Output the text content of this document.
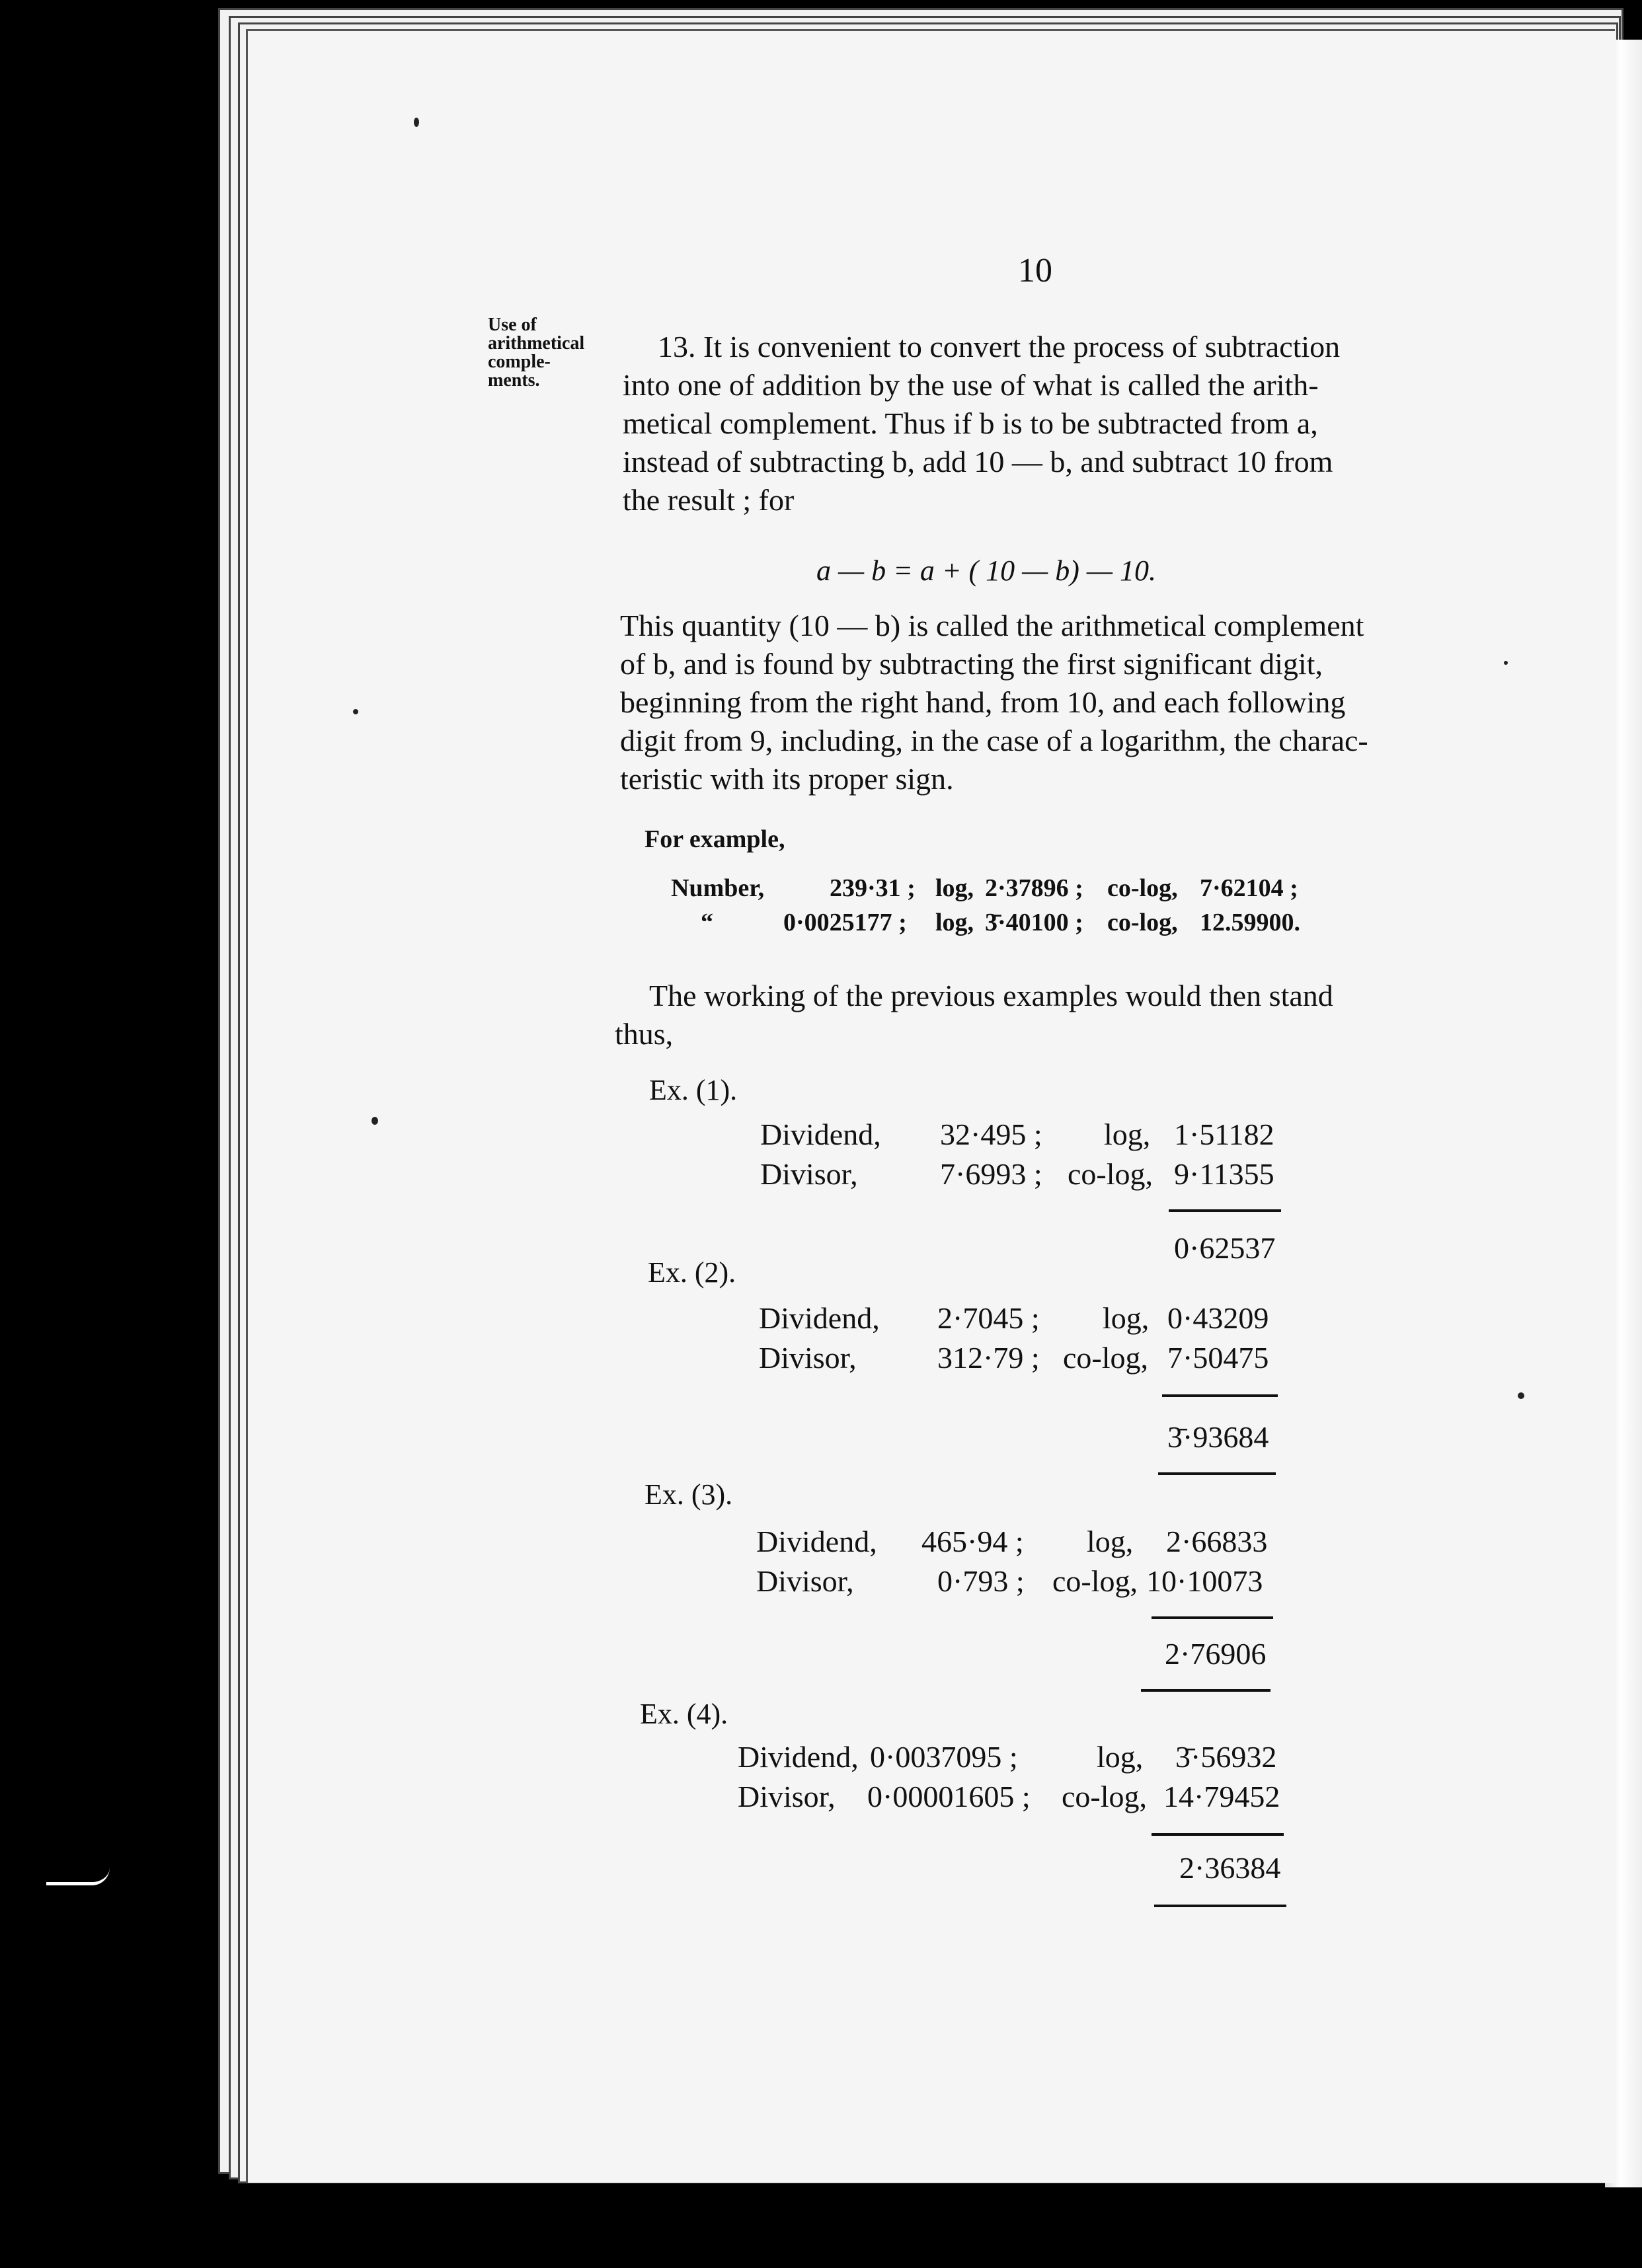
10
Use of
arithmetical
comple-
ments.
13. It is convenient to convert the process of subtraction
into one of addition by the use of what is called the arith-
metical complement. Thus if b is to be subtracted from a,
instead of subtracting b, add 10 — b, and subtract 10 from
the result ; for
a — b = a + ( 10 — b) — 10.
This quantity (10 — b) is called the arithmetical complement
of b, and is found by subtracting the first significant digit,
beginning from the right hand, from 10, and each following
digit from 9, including, in the case of a logarithm, the charac-
teristic with its proper sign.
For example,
Number,	239·31 ; log, 2·37896 ; co-log, 7·62104 ;
“	0·0025177 ; log, 3̄·40100 ; co-log, 12.59900.
The working of the previous examples would then stand
thus,
Ex. (1).
Dividend, 32·495 ; log, 1·51182
Divisor,	7·6993 ; co-log, 9·11355
0·62537
Ex. (2).
Dividend, 2·7045 ; log, 0·43209
Divisor,	312·79 ; co-log, 7·50475
3̄·93684
Ex. (3).
Dividend, 465·94 ; log, 2·66833
Divisor,	0·793 ; co-log, 10·10073
2·76906
Ex. (4).
Dividend, 0·0037095 ;	log, 3̄·56932
Divisor, 0·00001605 ; co-log, 14·79452
2·36384
